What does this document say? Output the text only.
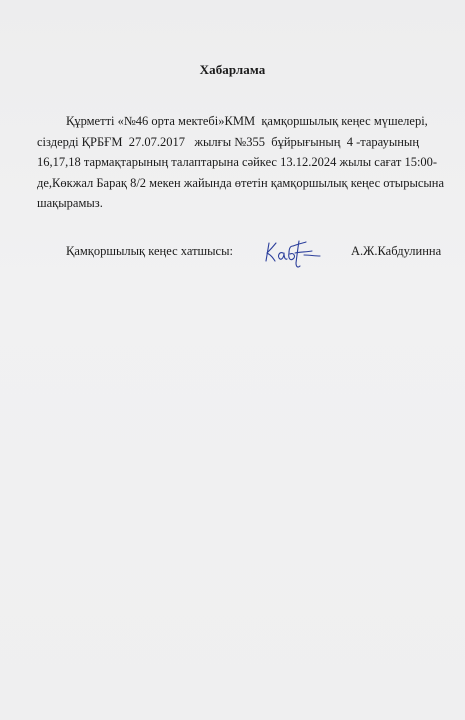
Хабарлама
Құрметті «№46 орта мектебі»КММ  қамқоршылық кеңес мүшелері,
сіздерді ҚРБҒМ  27.07.2017   жылғы №355  бұйрығының  4 -тарауының
16,17,18 тармақтарының талаптарына сәйкес 13.12.2024 жылы сағат 15:00-
де,Көкжал Барақ 8/2 мекен жайында өтетін қамқоршылық кеңес отырысына
шақырамыз.
Қамқоршылық кеңес хатшысы:	А.Ж.Кабдулинна
